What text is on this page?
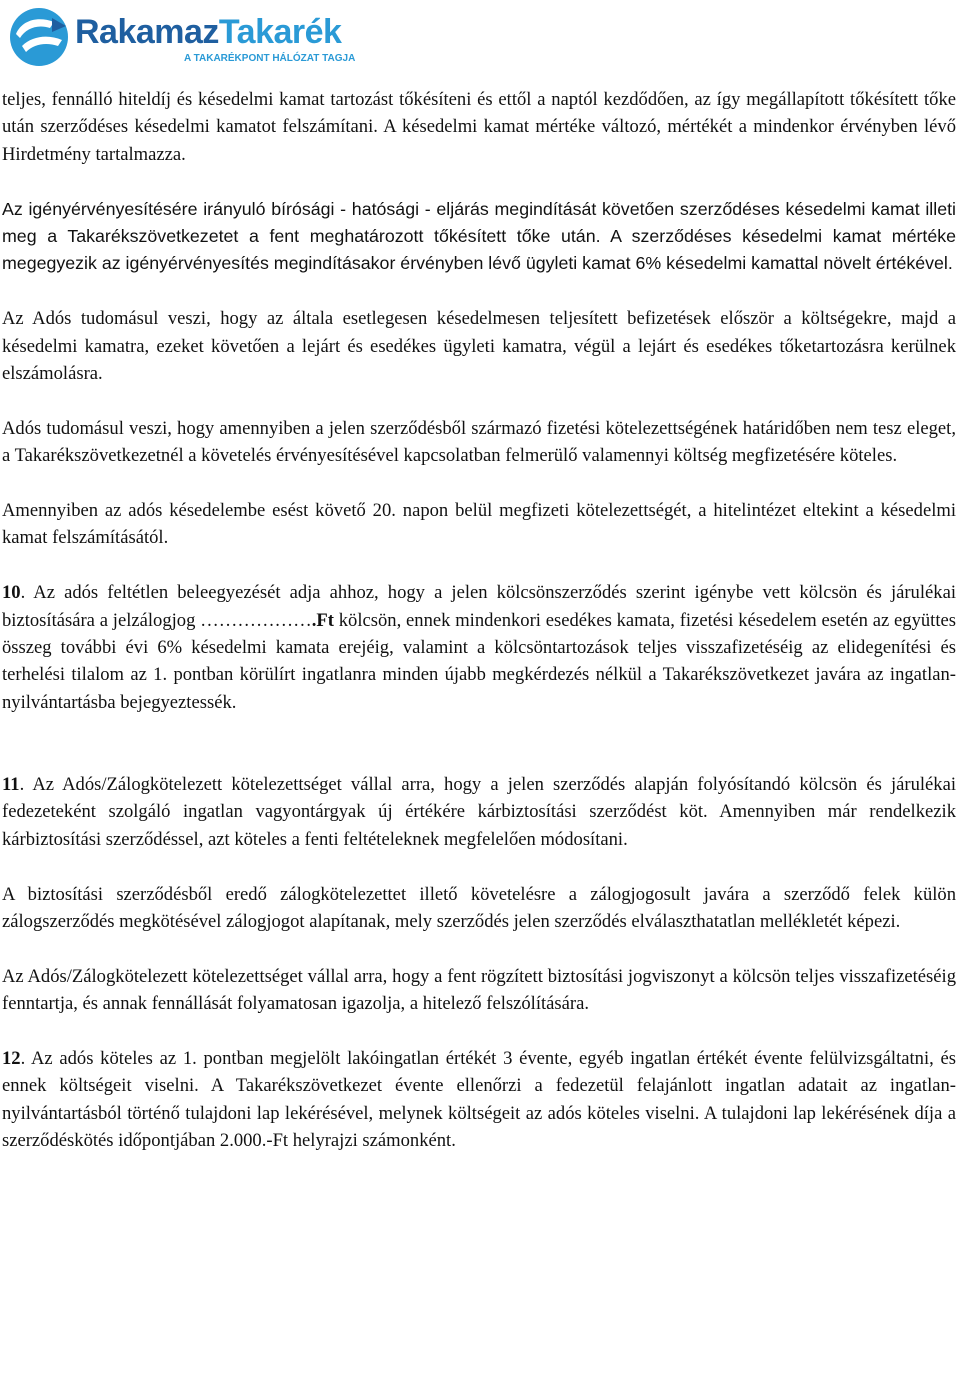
RakamazTakarék
A TAKARÉKPONT HÁLÓZAT TAGJA

teljes, fennálló hiteldíj és késedelmi kamat tartozást tőkésíteni és ettől a naptól kezdődően, az így megállapított tőkésített tőke után szerződéses késedelmi kamatot felszámítani. A késedelmi kamat mértéke változó, mértékét a mindenkor érvényben lévő Hirdetmény tartalmazza.

Az igényérvényesítésére irányuló bírósági - hatósági - eljárás megindítását követően szerződéses késedelmi kamat illeti meg a Takarékszövetkezetet a fent meghatározott tőkésített tőke után. A szerződéses késedelmi kamat mértéke megegyezik az igényérvényesítés megindításakor érvényben lévő ügyleti kamat 6% késedelmi kamattal növelt értékével.

Az Adós tudomásul veszi, hogy az általa esetlegesen késedelmesen teljesített befizetések először a költségekre, majd a késedelmi kamatra, ezeket követően a lejárt és esedékes ügyleti kamatra, végül a lejárt és esedékes tőketartozásra kerülnek elszámolásra.

Adós tudomásul veszi, hogy amennyiben a jelen szerződésből származó fizetési kötelezettségének határidőben nem tesz eleget, a Takarékszövetkezetnél a követelés érvényesítésével kapcsolatban felmerülő valamennyi költség megfizetésére köteles.

Amennyiben az adós késedelembe esést követő 20. napon belül megfizeti kötelezettségét, a hitelintézet eltekint a késedelmi kamat felszámításától.

10. Az adós feltétlen beleegyezését adja ahhoz, hogy a jelen kölcsönszerződés szerint igénybe vett kölcsön és járulékai biztosítására a jelzálogjog ……………….Ft kölcsön, ennek mindenkori esedékes kamata, fizetési késedelem esetén az együttes összeg további évi 6% késedelmi kamata erejéig, valamint a kölcsöntartozások teljes visszafizetéséig az elidegenítési és terhelési tilalom az 1. pontban körülírt ingatlanra minden újabb megkérdezés nélkül a Takarékszövetkezet javára az ingatlan-nyilvántartásba bejegyeztessék.

11. Az Adós/Zálogkötelezett kötelezettséget vállal arra, hogy a jelen szerződés alapján folyósítandó kölcsön és járulékai fedezeteként szolgáló ingatlan vagyontárgyak új értékére kárbiztosítási szerződést köt. Amennyiben már rendelkezik kárbiztosítási szerződéssel, azt köteles a fenti feltételeknek megfelelően módosítani.

A biztosítási szerződésből eredő zálogkötelezettet illető követelésre a zálogjogosult javára a szerződő felek külön zálogszerződés megkötésével zálogjogot alapítanak, mely szerződés jelen szerződés elválaszthatatlan mellékletét képezi.

Az Adós/Zálogkötelezett kötelezettséget vállal arra, hogy a fent rögzített biztosítási jogviszonyt a kölcsön teljes visszafizetéséig fenntartja, és annak fennállását folyamatosan igazolja, a hitelező felszólítására.

12. Az adós köteles az 1. pontban megjelölt lakóingatlan értékét 3 évente, egyéb ingatlan értékét évente felülvizsgáltatni, és ennek költségeit viselni. A Takarékszövetkezet évente ellenőrzi a fedezetül felajánlott ingatlan adatait az ingatlan-nyilvántartásból történő tulajdoni lap lekérésével, melynek költségeit az adós köteles viselni. A tulajdoni lap lekérésének díja a szerződéskötés időpontjában 2.000.-Ft helyrajzi számonként.
